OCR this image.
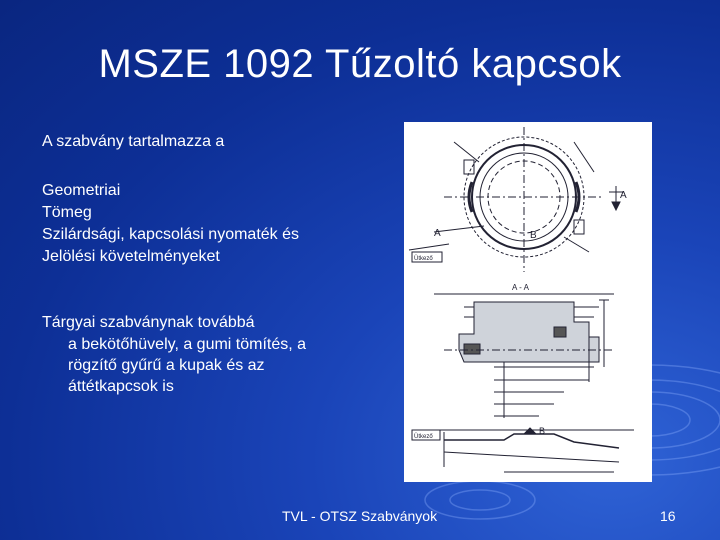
MSZE 1092 Tűzoltó kapcsok
A szabvány tartalmazza a
Geometriai
Tömeg
Szilárdsági, kapcsolási nyomaték és
Jelölési követelményeket
Tárgyai szabványnak továbbá
a bekötőhüvely, a gumi tömítés, a
rögzítő gyűrű a kupak és az
áttétkapcsok is
A
A	B
Ütkező
A - A
Ütkező
B
TVL - OTSZ Szabványok	16
